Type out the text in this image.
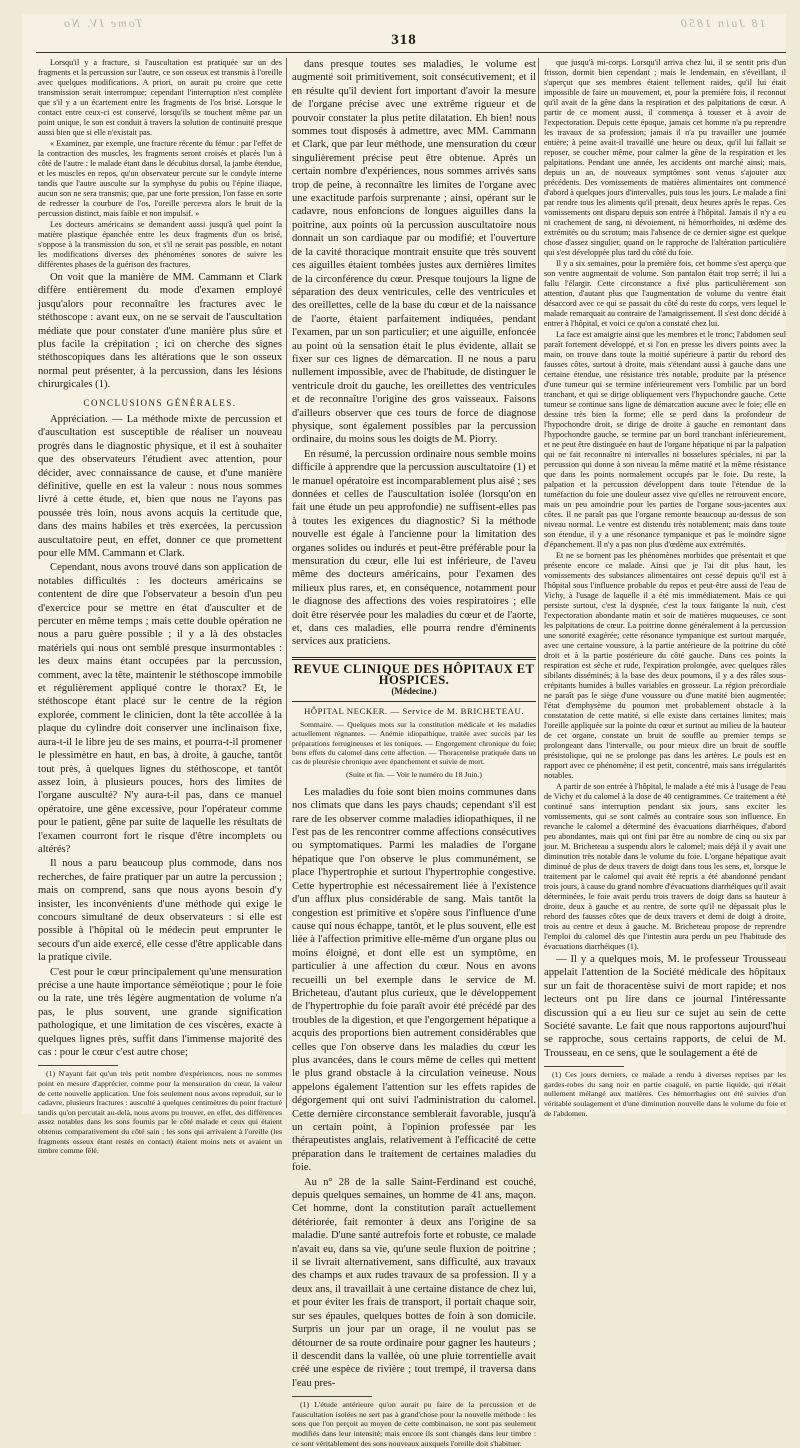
Tome IV. No	18 Juin 1850
318

Lorsqu'il y a fracture, si l'auscultation est pratiquée sur un des fragments et la percussion sur l'autre, ce son osseux est transmis à l'oreille avec quelques modifications. A priori, on aurait pu croire que cette transmission serait interrompue; cependant l'interruption n'est complète que s'il y a un écartement entre les fragments de l'os brisé. Lorsque le contact entre ceux-ci est conservé, lorsqu'ils se touchent même par un point unique, le son est conduit à travers la solution de continuité presque aussi bien que si elle n'existait pas.

« Examinez, par exemple, une fracture récente du fémur : par l'effet de la contraction des muscles, les fragments seront croisés et placés l'un à côté de l'autre : le malade étant dans le décubitus dorsal, la jambe étendue, et les muscles en repos, qu'un observateur percute sur le condyle interne tandis que l'autre ausculte sur la symphyse du pubis ou l'épine iliaque, aucun son ne sera transmis; que, par une forte pression, l'on fasse en sorte de redresser la courbure de l'os, l'oreille percevra alors le bruit de la percussion distinct, mais faible et non impulsif. »

Les docteurs américains se demandent aussi jusqu'à quel point la matière plastique épanchée entre les deux fragments d'un os brisé, s'oppose à la transmission du son, et s'il ne serait pas possible, en notant les modifications diverses des phénomènes sonores de suivre les différentes phases de la guérison des fractures.

On voit que la manière de MM. Cammann et Clark diffère entièrement du mode d'examen employé jusqu'alors pour reconnaître les fractures avec le stéthoscope : avant eux, on ne se servait de l'auscultation médiate que pour constater d'une manière plus sûre et plus facile la crépitation ; ici on cherche des signes stéthoscopiques dans les altérations que le son osseux normal peut présenter, à la percussion, dans les lésions chirurgicales (1).

CONCLUSIONS GÉNÉRALES.

Appréciation. — La méthode mixte de percussion et d'auscultation est susceptible de réaliser un nouveau progrès dans le diagnostic physique, et il est à souhaiter que des observateurs l'étudient avec attention, pour décider, avec connaissance de cause, et d'une manière définitive, quelle en est la valeur : nous nous sommes livré à cette étude, et, bien que nous ne l'ayons pas poussée très loin, nous avons acquis la certitude que, dans des mains habiles et très exercées, la percussion auscultatoire peut, en effet, donner ce que promettent pour elle MM. Cammann et Clark.

Cependant, nous avons trouvé dans son application de notables difficultés : les docteurs américains se contentent de dire que l'observateur a besoin d'un peu d'exercice pour se mettre en état d'ausculter et de percuter en même temps ; mais cette double opération ne nous a paru guère possible ; il y a là des obstacles matériels qui nous ont semblé presque insurmontables : les deux mains étant occupées par la percussion, comment, avec la tête, maintenir le stéthoscope immobile et régulièrement appliqué contre le thorax? Et, le stéthoscope étant placé sur le centre de la région explorée, comment le clinicien, dont la tête accollée à la plaque du cylindre doit conserver une inclinaison fixe, aura-t-il le libre jeu de ses mains, et pourra-t-il promener le plessimètre en haut, en bas, à droite, à gauche, tantôt tout près, à quelques lignes du stéthoscope, et tantôt assez loin, à plusieurs pouces, hors des limites de l'organe ausculté? N'y aura-t-il pas, dans ce manuel opératoire, une gêne excessive, pour l'opérateur comme pour le patient, gêne par suite de laquelle les résultats de l'examen courront fort le risque d'être incomplets ou altérés?

Il nous a paru beaucoup plus commode, dans nos recherches, de faire pratiquer par un autre la percussion ; mais on comprend, sans que nous ayons besoin d'y insister, les inconvénients d'une méthode qui exige le concours simultané de deux observateurs : si elle est possible à l'hôpital où le médecin peut emprunter le secours d'un aide exercé, elle cesse d'être applicable dans la pratique civile.

C'est pour le cœur principalement qu'une mensuration précise a une haute importance séméiotique ; pour le foie ou la rate, une très légère augmentation de volume n'a pas, le plus souvent, une grande signification pathologique, et une limitation de ces viscères, exacte à quelques lignes près, suffit dans l'immense majorité des cas : pour le cœur c'est autre chose;

(1) N'ayant fait qu'un très petit nombre d'expériences, nous ne sommes point en mesure d'apprécier, comme pour la mensuration du cœur, la valeur de cette nouvelle application. Une fois seulement nous avons reproduit, sur le cadavre, plusieurs fractures : ausculté à quelques centimètres du point fracturé tandis qu'on percutait au-delà, nous avons pu trouver, en effet, des différences assez notables dans les sons fournis par le côté malade et ceux qui étaient obtenus comparativement du côté sain ; les sons qui arrivaient à l'oreille (les fragments osseux étant restés en contact) étaient moins nets et avaient un timbre comme fêlé.

dans presque toutes ses maladies, le volume est augmenté soit primitivement, soit consécutivement; et il en résulte qu'il devient fort important d'avoir la mesure de l'organe précise avec une extrême rigueur et de pouvoir constater la plus petite dilatation. Eh bien! nous sommes tout disposés à admettre, avec MM. Cammann et Clark, que par leur méthode, une mensuration du cœur singulièrement précise peut être obtenue. Après un certain nombre d'expériences, nous sommes arrivés sans trop de peine, à reconnaître les limites de l'organe avec une exactitude parfois surprenante ; ainsi, opérant sur le cadavre, nous enfoncions de longues aiguilles dans la poitrine, aux points où la percussion auscultatoire nous donnait un son cardiaque par ou modifié; et l'ouverture de la cavité thoracique montrait ensuite que très souvent ces aiguilles étaient tombées justes aux dernières limites de la circonférence du cœur. Presque toujours la ligne de séparation des deux ventricules, celle des ventricules et des oreillettes, celle de la base du cœur et de la naissance de l'aorte, étaient parfaitement indiquées, pendant l'examen, par un son particulier; et une aiguille, enfoncée au point où la sensation était le plus évidente, allait se fixer sur ces lignes de démarcation. Il ne nous a paru nullement impossible, avec de l'habitude, de distinguer le ventricule droit du gauche, les oreillettes des ventricules et de reconnaître l'origine des gros vaisseaux. Faisons d'ailleurs observer que ces tours de force de diagnose physique, sont également possibles par la percussion ordinaire, du moins sous les doigts de M. Piorry.

En résumé, la percussion ordinaire nous semble moins difficile à apprendre que la percussion auscultatoire (1) et le manuel opératoire est incomparablement plus aisé ; ses données et celles de l'auscultation isolée (lorsqu'on en fait une étude un peu approfondie) ne suffisent-elles pas à toutes les exigences du diagnostic? Si la méthode nouvelle est égale à l'ancienne pour la limitation des organes solides ou indurés et peut-être préférable pour la mensuration du cœur, elle lui est inférieure, de l'aveu même des docteurs américains, pour l'examen des milieux plus rares, et, en conséquence, notamment pour le diagnose des affections des voies respiratoires ; elle doit être réservée pour les maladies du cœur et de l'aorte, et, dans ces maladies, elle pourra rendre d'éminents services aux praticiens.

REVUE CLINIQUE DES HÔPITAUX ET HOSPICES.
(Médecine.)
HÔPITAL NECKER. — Service de M. BRICHETEAU.

Sommaire. — Quelques mots sur la constitution médicale et les maladies actuellement régnantes. — Anémie idiopathique, traitée avec succès par les préparations ferrugineuses et les toniques. — Engorgement chronique du foie; bons effets du calomel dans cette affection. — Thoracentèse pratiquée dans un cas de pleurésie chronique avec épanchement et suivie de mort.

(Suite et fin. — Voir le numéro du 18 Juin.)

Les maladies du foie sont bien moins communes dans nos climats que dans les pays chauds; cependant s'il est rare de les observer comme maladies idiopathiques, il ne l'est pas de les rencontrer comme affections consécutives ou symptomatiques. Parmi les maladies de l'organe hépatique que l'on observe le plus communément, se place l'hypertrophie et surtout l'hypertrophie congestive. Cette hypertrophie est nécessairement liée à l'existence d'un afflux plus considérable de sang. Mais tantôt la congestion est primitive et s'opère sous l'influence d'une cause qui nous échappe, tantôt, et le plus souvent, elle est liée à l'affection primitive elle-même d'un organe plus ou moins éloigné, et dont elle est un symptôme, en particulier à une affection du cœur. Nous en avons recueilli un bel exemple dans le service de M. Bricheteau, d'autant plus curieux, que le développement de l'hypertrophie du foie paraît avoir été précédé par des troubles de la digestion, et que l'engorgement hépatique a acquis des proportions bien autrement considérables que celles que l'on observe dans les maladies du cœur les plus avancées, dans le cours même de celles qui mettent le plus grand obstacle à la circulation veineuse. Nous appelons également l'attention sur les effets rapides de dégorgement qui ont suivi l'administration du calomel. Cette dernière circonstance semblerait favorable, jusqu'à un certain point, à l'opinion professée par les thérapeutistes anglais, relativement à l'efficacité de cette préparation dans le traitement de certaines maladies du foie.

Au n° 28 de la salle Saint-Ferdinand est couché, depuis quelques semaines, un homme de 41 ans, maçon. Cet homme, dont la constitution paraît actuellement détériorée, fait remonter à deux ans l'origine de sa maladie. D'une santé autrefois forte et robuste, ce malade n'avait eu, dans sa vie, qu'une seule fluxion de poitrine ; il se livrait alternativement, sans difficulté, aux travaux des champs et aux rudes travaux de sa profession. Il y a deux ans, il travaillait à une certaine distance de chez lui, et pour éviter les frais de transport, il portait chaque soir, sur ses épaules, quelques bottes de foin à son domicile. Surpris un jour par un orage, il ne voulut pas se détourner de sa route ordinaire pour gagner les hauteurs ; il descendit dans la vallée, où une pluie torrentielle avait créé une espèce de rivière ; tout trempé, il traversa dans l'eau pres-

(1) L'étude antérieure qu'on aurait pu faire de la percussion et de l'auscultation isolées ne sert pas à grand'chose pour la nouvelle méthode : les sons que l'on perçoit au moyen de cette combinaison, ne sont pas seulement modifiés dans leur intensité; mais encore ils sont changés dans leur timbre : ce sont véritablement des sons nouveaux auxquels l'oreille doit s'habituer.

que jusqu'à mi-corps. Lorsqu'il arriva chez lui, il se sentit pris d'un frisson, dormit bien cependant ; mais le lendemain, en s'éveillant, il s'aperçut que ses membres étaient tellement raides, qu'il lui était impossible de faire un mouvement, et, pour la première fois, il reconnut qu'il avait de la gêne dans la respiration et des palpitations de cœur. A partir de ce moment aussi, il commença à tousser et à avoir de l'expectoration. Depuis cette époque, jamais cet homme n'a pu reprendre les travaux de sa profession; jamais il n'a pu travailler une journée entière; à peine avait-il travaillé une heure ou deux, qu'il lui fallait se reposer, se coucher même, pour calmer la gêne de la respiration et les palpitations. Pendant une année, les accidents ont marché ainsi; mais, depuis un an, de nouveaux symptômes sont venus s'ajouter aux précédents. Des vomissements de matières alimentaires ont commencé d'abord à quelques jours d'intervalles, puis tous les jours. Le malade a fini par rendre tous les aliments qu'il prenait, deux heures après le repas. Ces vomissements ont disparu depuis son entrée à l'hôpital. Jamais il n'y a eu ni crachement de sang, ni dévoiement, ni hémorrhoïdes, ni œdème des extrémités ou du scrotum; mais l'absence de ce dernier signe est quelque chose d'assez singulier, quand on le rapproche de l'altération particulière qui s'est développée plus tard du côté du foie.

Il y a six semaines, pour la première fois, cet homme s'est aperçu que son ventre augmentait de volume. Son pantalon était trop serré; il lui a fallu l'élargir. Cette circonstance a fixé plus particulièrement son attention, d'autant plus que l'augmentation de volume du ventre était désaccord avec ce qui se passait du côté du reste du corps, vers lequel le malade remarquait au contraire de l'amaigrissement. Il s'est donc décidé à entrer à l'hôpital, et voici ce qu'on a constaté chez lui.

La face est amaigrie ainsi que les membres et le tronc; l'abdomen seul paraît fortement développé, et si l'on en presse les divers points avec la main, on trouve dans toute la moitié supérieure à partir du rebord des fausses côtes, surtout à droite, mais s'étendant aussi à gauche dans une certaine étendue, une résistance très notable, produite par la présence d'une tumeur qui se termine inférieurement vers l'ombilic par un bord tranchant, et qui se dirige obliquement vers l'hypochondre gauche. Cette tumeur se continue sans ligne de démarcation aucune avec le foie; elle en dessine très bien la forme; elle se perd dans la profondeur de l'hypochondre droit, se dirige de droite à gauche en remontant dans l'hypochondre gauche, se termine par un bord tranchant inférieurement, et ne peut être distinguée en haut de l'organe hépatique ni par la palpation qui ne fait reconnaître ni intervalles ni bosselures spéciales, ni par la percussion qui donne à son niveau la même matité et la même résistance que dans les points normalement occupés par le foie. Du reste, la palpation et la percussion développent dans toute l'étendue de la tuméfaction du foie une douleur assez vive qu'elles ne retrouvent encore, mais un peu amoindrie pour les parties de l'organe sous-jacentes aux côtes. Il ne paraît pas que l'organe remonte beaucoup au-dessus de son niveau normal. Le ventre est distendu très notablement; mais dans toute son étendue, il y a une résonance tympanique et pas le moindre signe d'épanchement. Il n'y a pas non plus d'œdème aux extrémités.

Et ne se bornent pas les phénomènes morbides que présentait et que présente encore ce malade. Ainsi que je l'ai dit plus haut, les vomissements des substances alimentaires ont cessé depuis qu'il est à l'hôpital sous l'influence probable du repos et peut-être aussi de l'eau de Vichy, à l'usage de laquelle il a été mis immédiatement. Mais ce qui persiste surtout, c'est la dyspnée, c'est la toux fatigante la nuit, c'est l'expectoration abondante matin et soir de matières muqueuses, ce sont les palpitations de cœur. La poitrine donne généralement à la percussion une sonorité exagérée; cette résonance tympanique est surtout marquée, avec une certaine voussure, à la partie antérieure de la poitrine du côté droit et à la partie postérieure du côté gauche. Dans ces points la respiration est sèche et rude, l'expiration prolongée, avec quelques râles sibilants disséminés; à la base des deux poumons, il y a des râles sous-crépitants humides à bulles variables en grosseur. La région précordiale ne paraît pas le siège d'une voussure ou d'une matité bien augmentée; l'état d'emphysème du poumon met probablement obstacle à la constatation de cette matité, si elle existe dans certaines limites; mais l'oreille appliquée sur la pointe du cœur et surtout au milieu de la hauteur de cet organe, constate un bruit de souffle au premier temps se prolongeant dans l'intervalle, ou pour mieux dire un bruit de souffle présistolique, qui ne se prolonge pas dans les artères. Le pouls est en rapport avec ce phénomène; il est petit, concentré, mais sans irrégularités notables.

A partir de son entrée à l'hôpital, le malade a été mis à l'usage de l'eau de Vichy et du calomel à la dose de 40 centigrammes. Ce traitement a été continué sans interruption pendant six jours, sans exciter les vomissements, qui se sont calmés au contraire sous son influence. En revanche le calomel a déterminé des évacuations diarrhéiques, d'abord peu abondantes, mais qui ont fini par être au nombre de cinq ou six par jour. M. Bricheteau a suspendu alors le calomel; mais déjà il y avait une diminution très notable dans le volume du foie. L'organe hépatique avait diminué de plus de deux travers de doigt dans tous les sens, et, lorsque le traitement par le calomel qui avait été repris a été abandonné pendant trois jours, à cause du grand nombre d'évacuations diarrhéiques qu'il avait déterminées, le foie avait perdu trois travers de doigt dans sa hauteur à droite, deux à gauche et au centre, de sorte qu'il ne dépassait plus le rebord des fausses côtes que de deux travers et demi de doigt à droite, trois au centre et deux à gauche. M. Bricheteau propose de reprendre l'emploi du calomel dès que l'intestin aura perdu un peu l'habitude des évacuations diarrhéiques (1).

— Il y a quelques mois, M. le professeur Trousseau appelait l'attention de la Société médicale des hôpitaux sur un fait de thoracentèse suivi de mort rapide; et nos lecteurs ont pu lire dans ce journal l'intéressante discussion qui a eu lieu sur ce sujet au sein de cette Société savante. Le fait que nous rapportons aujourd'hui se rapproche, sous certains rapports, de celui de M. Trousseau, en ce sens, que le soulagement a été de

(1) Ces jours derniers, ce malade a rendu à diverses reprises par les gardes-robes du sang noir en partie coagulé, en partie liquide, qui n'était nullement mélangé aux matières. Ces hémorrhagies ont été suivies d'un véritable soulagement et d'une diminution nouvelle dans le volume du foie et de l'abdomen.
